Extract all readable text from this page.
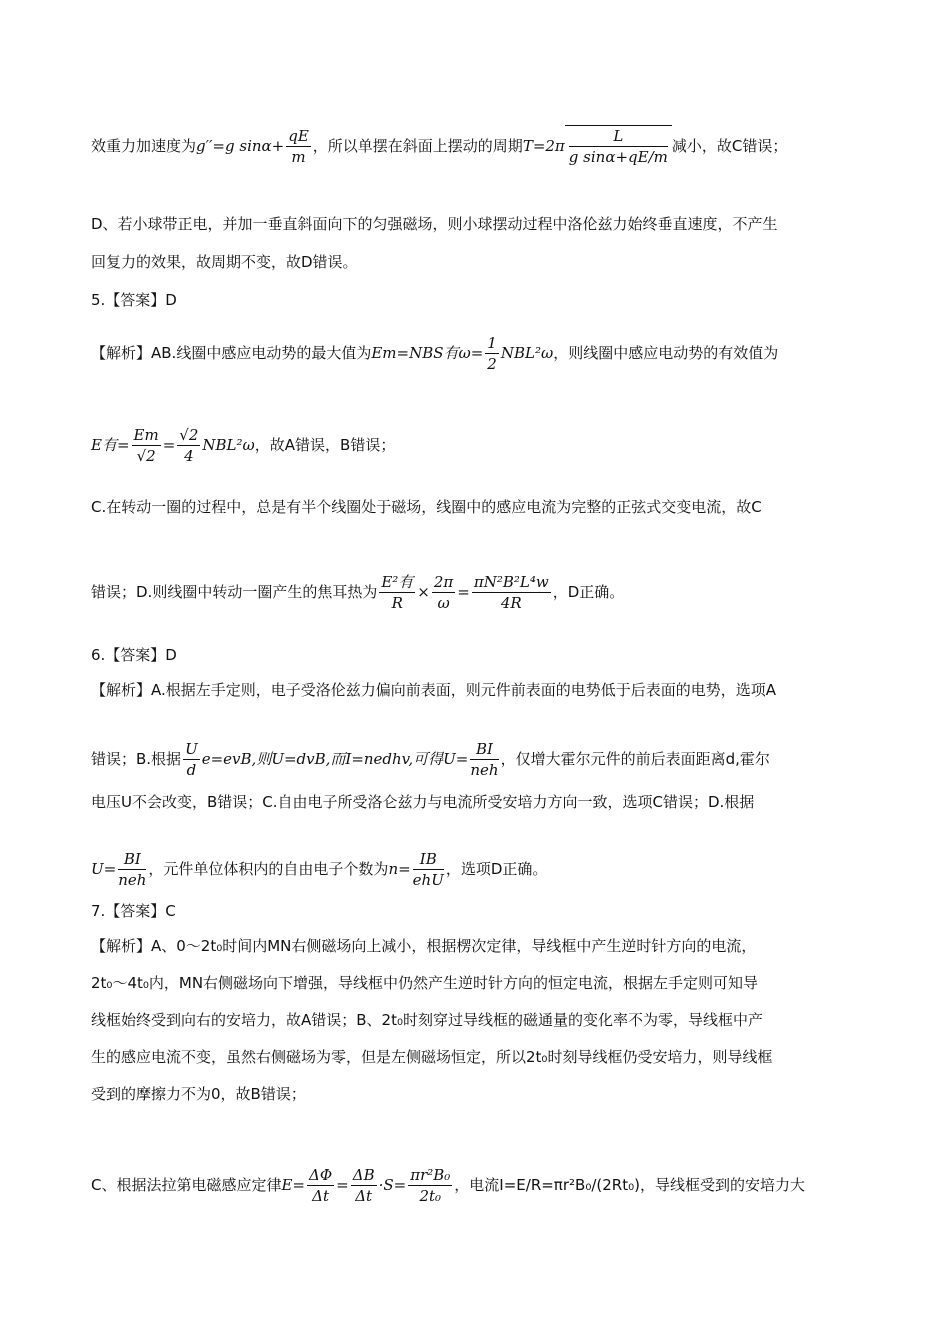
效重力加速度为g′′=g $\sin\alpha+ \frac{qE}{m}$ ，所以单摆在斜面上摆动的周期$T=2\pi \frac{L}{\text{g sinα+qE/m}}$ 减小，故C错误；
D、若小球带正电，并加一垂直斜面向下的匀强磁场，则小球摆动过程中洛伦兹力始终垂直速度，不产生
回复力的效果，故周期不变，故D错误。
5.【答案】D
【解析】AB.线圈中感应电动势的最大值为Em=NBS有$\omega= \frac{1}{2} NBL^2\omega$，则线圈中感应电动势的有效值为
E有= $\frac{Em}{√2} = \frac{√2}{4} NBL^2\omega$，故A错误，B错误；
C.在转动一圈的过程中，总是有半个线圈处于磁场，线圈中的感应电流为完整的正弦式交变电流，故C
错误；D.则线圈中转动一圈产生的焦耳热为 $\frac{\text{E²有}}{R} \times \frac{2\pi}{\omega} = \frac{\text{πN²B²L⁴w}}{4R}$ ，D正确。
6.【答案】D
【解析】A.根据左手定则，电子受洛伦兹力偏向前表面，则元件前表面的电势低于后表面的电势，选项A
错误；B.根据 $\frac{U}{d} e=evB$,则U=dvB,而I=nedhv,可得$U= \frac{BI}{\text{neh}}$ ，仅增大霍尔元件的前后表面距离d,霍尔
电压U不会改变，B错误；C.自由电子所受洛仑兹力与电流所受安培力方向一致，选项C错误；D.根据
$U= \frac{BI}{\text{neh}}$ ，元件单位体积内的自由电子个数为$n= \frac{IB}{\text{ehU}}$ ，选项D正确。
7.【答案】C
【解析】A、0～2t₀时间内MN右侧磁场向上减小，根据楞次定律，导线框中产生逆时针方向的电流，
2t₀～4t₀内，MN右侧磁场向下增强，导线框中仍然产生逆时针方向的恒定电流，根据左手定则可知导
线框始终受到向右的安培力，故A错误；B、2t₀时刻穿过导线框的磁通量的变化率不为零，导线框中产
生的感应电流不变，虽然右侧磁场为零，但是左侧磁场恒定，所以2t₀时刻导线框仍受安培力，则导线框
受到的摩擦力不为0，故B错误；
C、根据法拉第电磁感应定律$E= \frac{\Delta\Phi}{\Delta t} = \frac{\Delta B}{\Delta t} \cdot S= \frac{\text{πr²B₀}}{\text{2t₀}}$ ，电流I=E/R=πr²B₀/(2Rt₀)，导线框受到的安培力大
